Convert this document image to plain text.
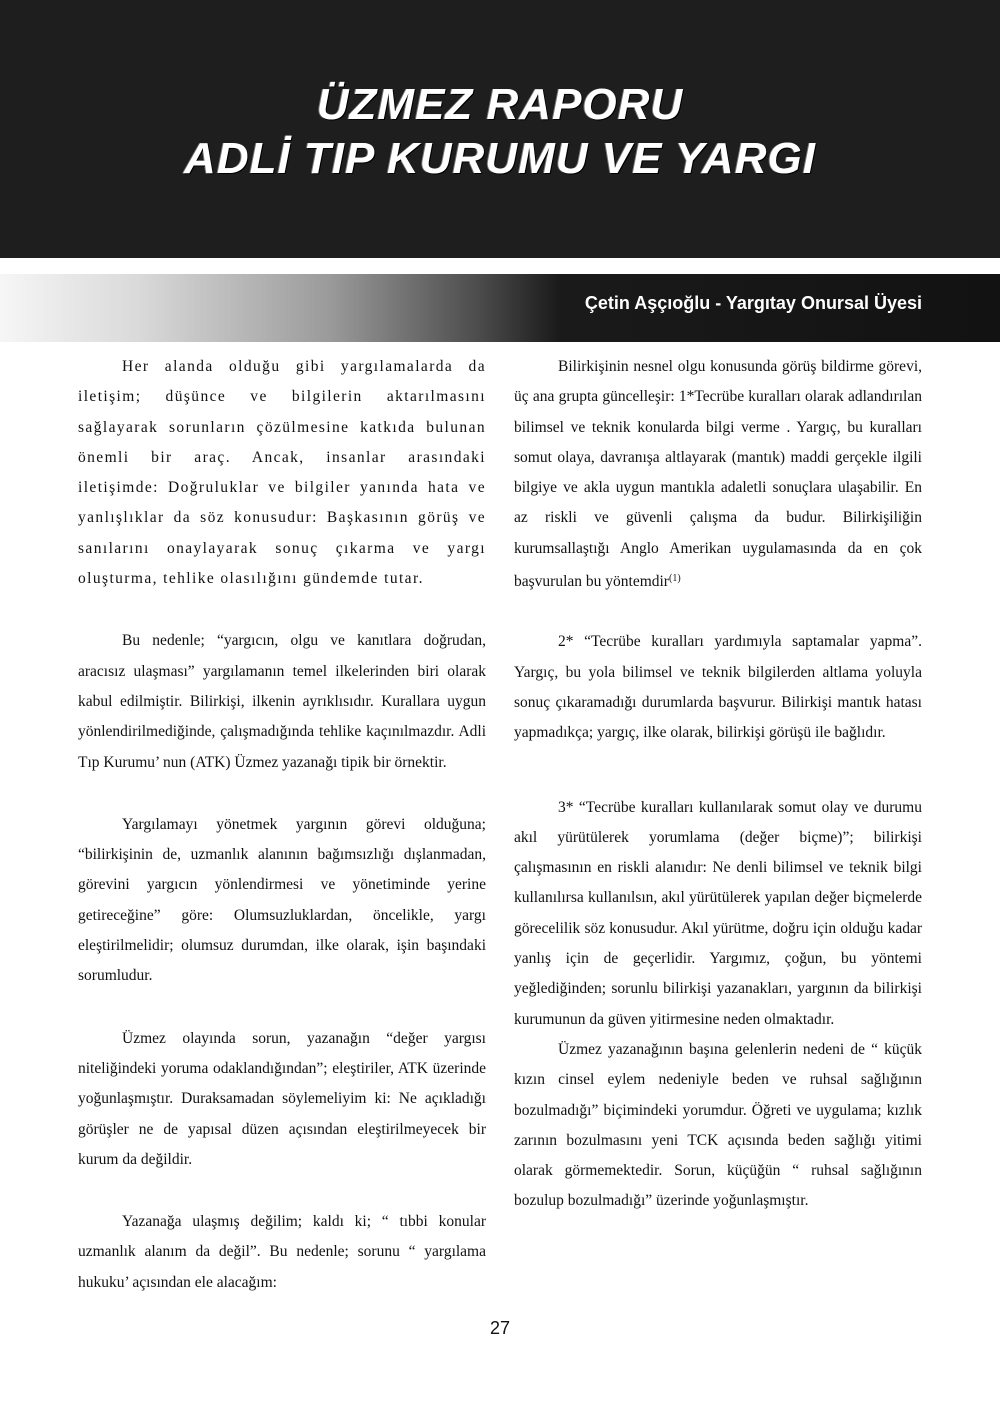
ÜZMEZ RAPORU
ADLİ TIP KURUMU VE YARGI
Çetin Aşçıoğlu - Yargıtay Onursal Üyesi

Her alanda olduğu gibi yargılamalarda da iletişim; düşünce ve bilgilerin aktarılmasını sağlayarak sorunların çözülmesine katkıda bulunan önemli bir araç. Ancak, insanlar arasındaki iletişimde: Doğruluklar ve bilgiler yanında hata ve yanlışlıklar da söz konusudur: Başkasının görüş ve sanılarını onaylayarak sonuç çıkarma ve yargı oluşturma, tehlike olasılığını gündemde tutar.

Bu nedenle; “yargıcın, olgu ve kanıtlara doğrudan, aracısız ulaşması” yargılamanın temel ilkelerinden biri olarak kabul edilmiştir. Bilirkişi, ilkenin ayrıklısıdır. Kurallara uygun yönlendirilmediğinde, çalışmadığında tehlike kaçınılmazdır. Adli Tıp Kurumu’ nun (ATK) Üzmez yazanağı tipik bir örnektir.

Yargılamayı yönetmek yargının görevi olduğuna; “bilirkişinin de, uzmanlık alanının bağımsızlığı dışlanmadan, görevini yargıcın yönlendirmesi ve yönetiminde yerine getireceğine” göre: Olumsuzluklardan, öncelikle, yargı eleştirilmelidir; olumsuz durumdan, ilke olarak, işin başındaki sorumludur.

Üzmez olayında sorun, yazanağın “değer yargısı niteliğindeki yoruma odaklandığından”; eleştiriler, ATK üzerinde yoğunlaşmıştır. Duraksamadan söylemeliyim ki: Ne açıkladığı görüşler ne de yapısal düzen açısından eleştirilmeyecek bir kurum da değildir.

Yazanağa ulaşmış değilim; kaldı ki; “ tıbbi konular uzmanlık alanım da değil”. Bu nedenle; sorunu “ yargılama hukuku’ açısından ele alacağım:

Bilirkişinin nesnel olgu konusunda görüş bildirme görevi, üç ana grupta güncelleşir: 1*Tecrübe kuralları olarak adlandırılan bilimsel ve teknik konularda bilgi verme . Yargıç, bu kuralları somut olaya, davranışa altlayarak (mantık) maddi gerçekle ilgili bilgiye ve akla uygun mantıkla adaletli sonuçlara ulaşabilir. En az riskli ve güvenli çalışma da budur. Bilirkişiliğin kurumsallaştığı Anglo Amerikan uygulamasında da en çok başvurulan bu yöntemdir$^{(1)}$

2* “Tecrübe kuralları yardımıyla saptamalar yapma”. Yargıç, bu yola bilimsel ve teknik bilgilerden altlama yoluyla sonuç çıkaramadığı durumlarda başvurur. Bilirkişi mantık hatası yapmadıkça; yargıç, ilke olarak, bilirkişi görüşü ile bağlıdır.

3* “Tecrübe kuralları kullanılarak somut olay ve durumu akıl yürütülerek yorumlama (değer biçme)”; bilirkişi çalışmasının en riskli alanıdır: Ne denli bilimsel ve teknik bilgi kullanılırsa kullanılsın, akıl yürütülerek yapılan değer biçmelerde görecelilik söz konusudur. Akıl yürütme, doğru için olduğu kadar yanlış için de geçerlidir. Yargımız, çoğun, bu yöntemi yeğlediğinden; sorunlu bilirkişi yazanakları, yargının da bilirkişi kurumunun da güven yitirmesine neden olmaktadır.

Üzmez yazanağının başına gelenlerin nedeni de “ küçük kızın cinsel eylem nedeniyle beden ve ruhsal sağlığının bozulmadığı” biçimindeki yorumdur. Öğreti ve uygulama; kızlık zarının bozulmasını yeni TCK açısında beden sağlığı yitimi olarak görmemektedir. Sorun, küçüğün “ ruhsal sağlığının bozulup bozulmadığı” üzerinde yoğunlaşmıştır.

27
